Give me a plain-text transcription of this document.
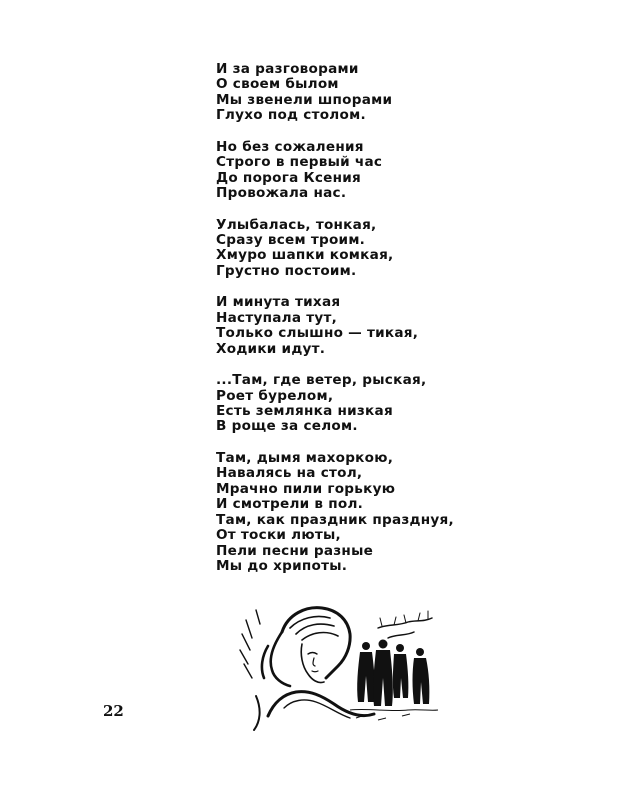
И за разговорами
О своем былом
Мы звенели шпорами
Глухо под столом.
Но без сожаления
Строго в первый час
До порога Ксения
Провожала нас.
Улыбалась, тонкая,
Сразу всем троим.
Хмуро шапки комкая,
Грустно постоим.
И минута тихая
Наступала тут,
Только слышно — тикая,
Ходики идут.
...Там, где ветер, рыская,
Роет бурелом,
Есть землянка низкая
В роще за селом.
Там, дымя махоркою,
Навалясь на стол,
Мрачно пили горькую
И смотрели в пол.
Там, как праздник празднуя,
От тоски люты,
Пели песни разные
Мы до хрипоты.
22
